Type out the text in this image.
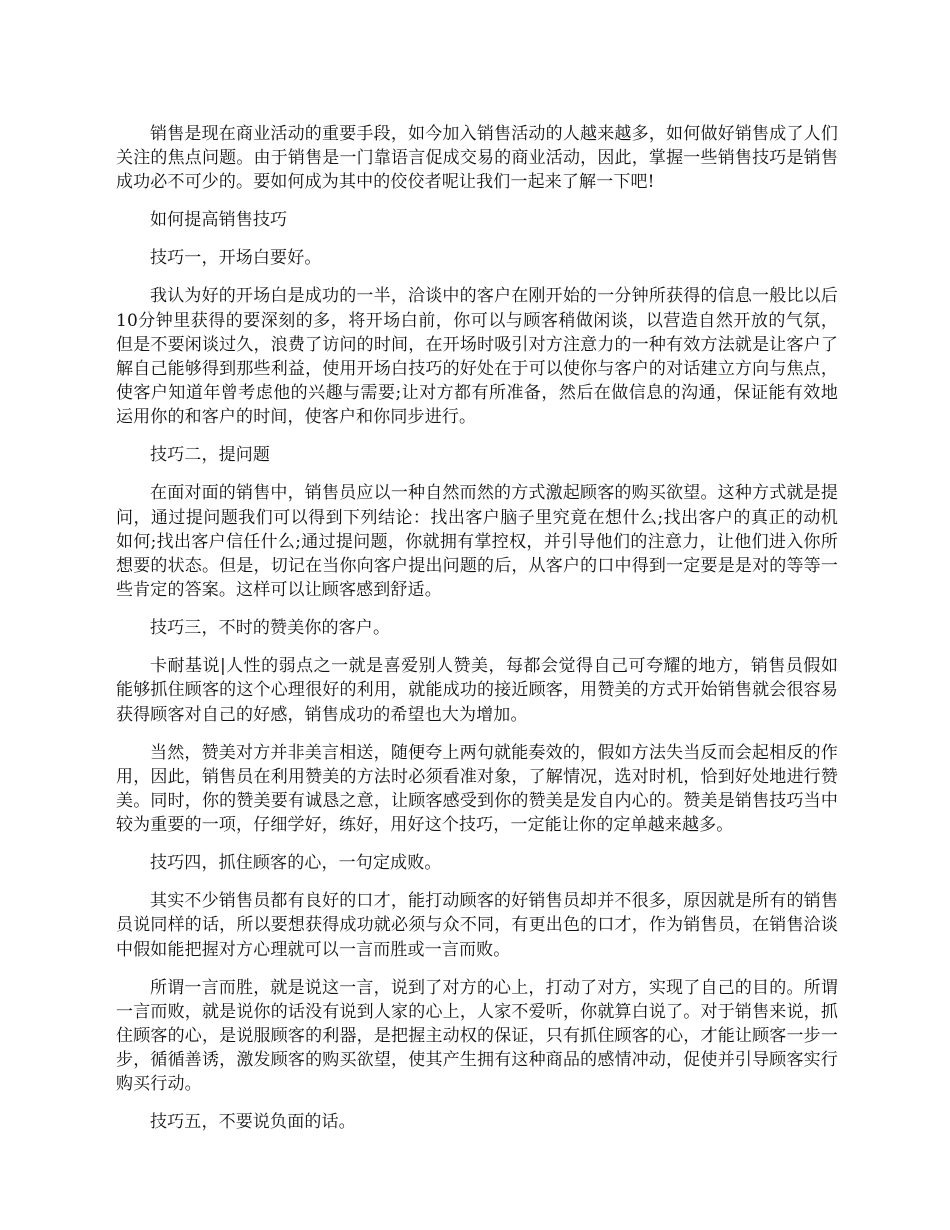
销售是现在商业活动的重要手段，如今加入销售活动的人越来越多，如何做好销售成了人们关注的焦点问题。由于销售是一门靠语言促成交易的商业活动，因此，掌握一些销售技巧是销售成功必不可少的。要如何成为其中的佼佼者呢让我们一起来了解一下吧!

如何提高销售技巧

技巧一，开场白要好。

我认为好的开场白是成功的一半，洽谈中的客户在刚开始的一分钟所获得的信息一般比以后10分钟里获得的要深刻的多，将开场白前，你可以与顾客稍做闲谈，以营造自然开放的气氛，但是不要闲谈过久，浪费了访问的时间，在开场时吸引对方注意力的一种有效方法就是让客户了解自己能够得到那些利益，使用开场白技巧的好处在于可以使你与客户的对话建立方向与焦点，使客户知道年曾考虑他的兴趣与需要;让对方都有所准备，然后在做信息的沟通，保证能有效地运用你的和客户的时间，使客户和你同步进行。

技巧二，提问题

在面对面的销售中，销售员应以一种自然而然的方式激起顾客的购买欲望。这种方式就是提问，通过提问题我们可以得到下列结论：找出客户脑子里究竟在想什么;找出客户的真正的动机如何;找出客户信任什么;通过提问题，你就拥有掌控权，并引导他们的注意力，让他们进入你所想要的状态。但是，切记在当你向客户提出问题的后，从客户的口中得到一定要是是对的等等一些肯定的答案。这样可以让顾客感到舒适。

技巧三，不时的赞美你的客户。

卡耐基说|人性的弱点之一就是喜爱别人赞美，每都会觉得自己可夸耀的地方，销售员假如能够抓住顾客的这个心理很好的利用，就能成功的接近顾客，用赞美的方式开始销售就会很容易获得顾客对自己的好感，销售成功的希望也大为增加。

当然，赞美对方并非美言相送，随便夸上两句就能奏效的，假如方法失当反而会起相反的作用，因此，销售员在利用赞美的方法时必须看准对象，了解情况，选对时机，恰到好处地进行赞美。同时，你的赞美要有诚恳之意，让顾客感受到你的赞美是发自内心的。赞美是销售技巧当中较为重要的一项，仔细学好，练好，用好这个技巧，一定能让你的定单越来越多。

技巧四，抓住顾客的心，一句定成败。

其实不少销售员都有良好的口才，能打动顾客的好销售员却并不很多，原因就是所有的销售员说同样的话，所以要想获得成功就必须与众不同，有更出色的口才，作为销售员，在销售洽谈中假如能把握对方心理就可以一言而胜或一言而败。

所谓一言而胜，就是说这一言，说到了对方的心上，打动了对方，实现了自己的目的。所谓一言而败，就是说你的话没有说到人家的心上，人家不爱听，你就算白说了。对于销售来说，抓住顾客的心，是说服顾客的利器，是把握主动权的保证，只有抓住顾客的心，才能让顾客一步一步，循循善诱，激发顾客的购买欲望，使其产生拥有这种商品的感情冲动，促使并引导顾客实行购买行动。

技巧五，不要说负面的话。
